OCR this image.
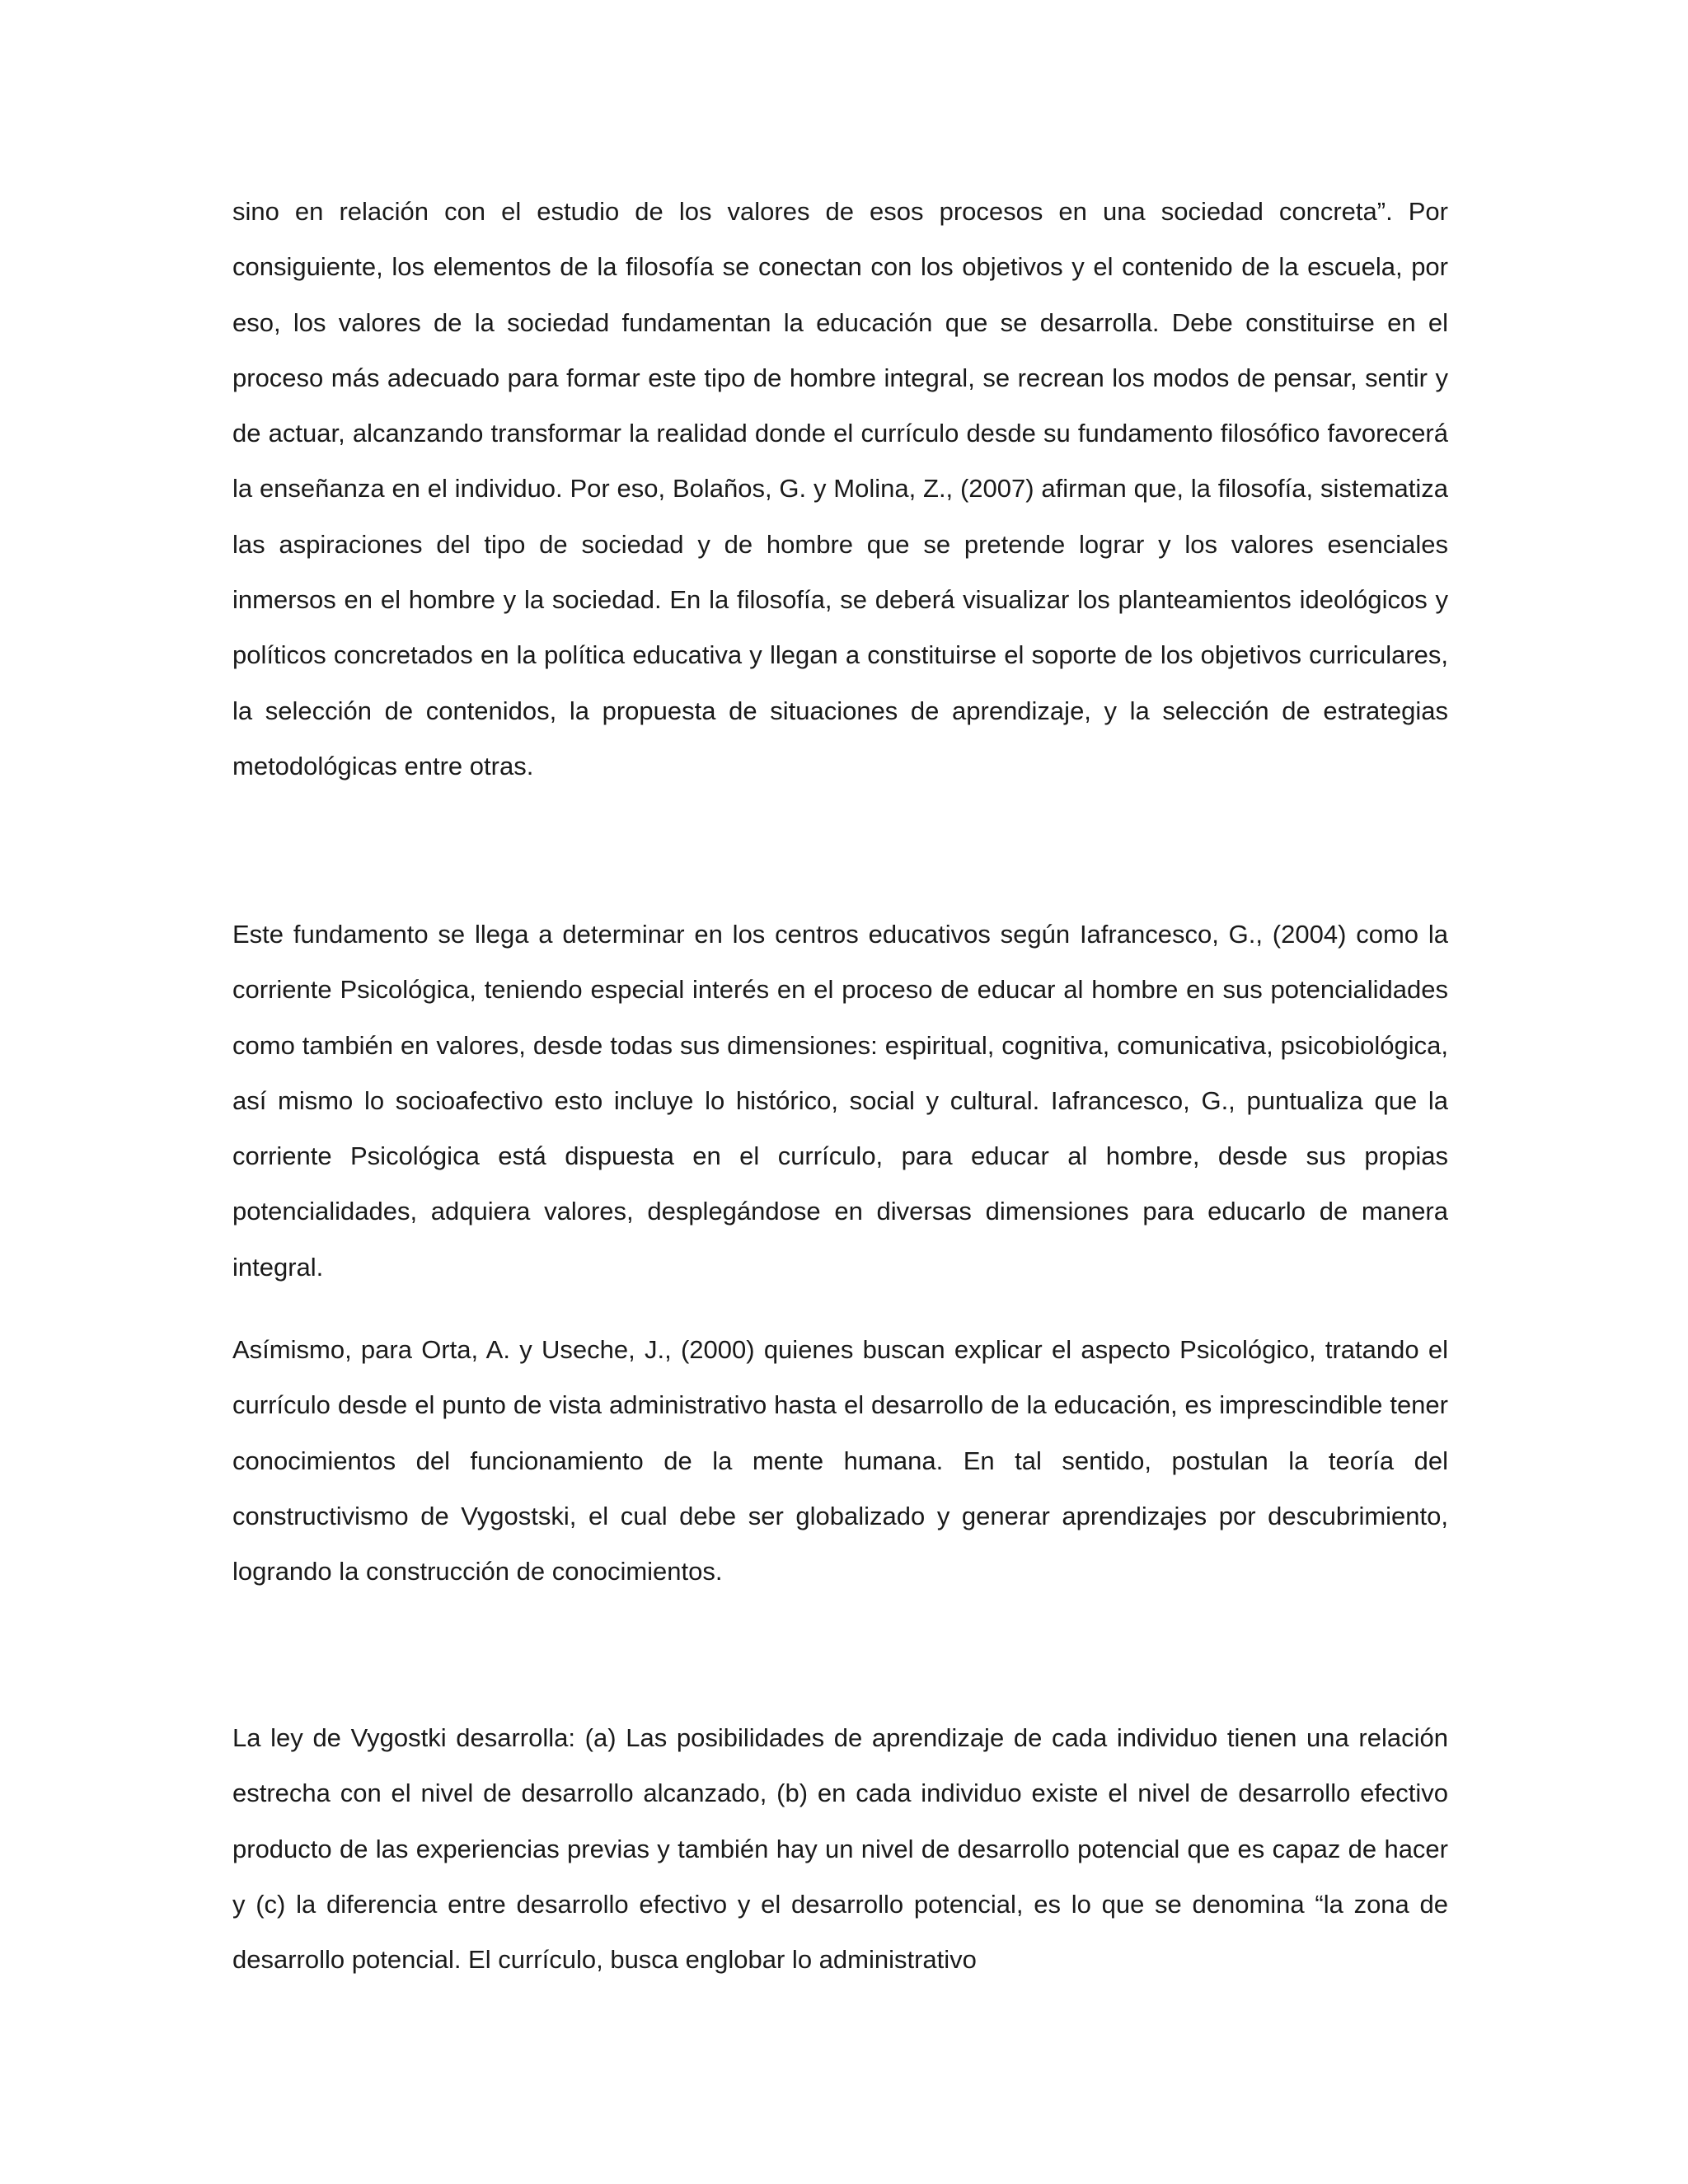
sino en relación con el estudio de los valores de esos procesos en una sociedad concreta”. Por consiguiente, los elementos de la filosofía se conectan con los objetivos y el contenido de la escuela, por eso, los valores de la sociedad fundamentan la educación que se desarrolla. Debe constituirse en el proceso más adecuado para formar este tipo de hombre integral, se recrean los modos de pensar, sentir y de actuar, alcanzando transformar la realidad donde el currículo desde su fundamento filosófico favorecerá la enseñanza en el individuo. Por eso, Bolaños, G. y Molina, Z., (2007) afirman que, la filosofía, sistematiza las aspiraciones del tipo de sociedad y de hombre que se pretende lograr y los valores esenciales inmersos en el hombre y la sociedad. En la filosofía, se deberá visualizar los planteamientos ideológicos y políticos concretados en la política educativa y llegan a constituirse el soporte de los objetivos curriculares, la selección de contenidos, la propuesta de situaciones de aprendizaje, y la selección de estrategias metodológicas entre otras.

Este fundamento se llega a determinar en los centros educativos según Iafrancesco, G., (2004) como la corriente Psicológica, teniendo especial interés en el proceso de educar al hombre en sus potencialidades como también en valores, desde todas sus dimensiones: espiritual, cognitiva, comunicativa, psicobiológica, así mismo lo socioafectivo esto incluye lo histórico, social y cultural. Iafrancesco, G., puntualiza que la corriente Psicológica está dispuesta en el currículo, para educar al hombre, desde sus propias potencialidades, adquiera valores, desplegándose en diversas dimensiones para educarlo de manera integral.

Asímismo, para Orta, A. y Useche, J., (2000) quienes buscan explicar el aspecto Psicológico, tratando el currículo desde el punto de vista administrativo hasta el desarrollo de la educación, es imprescindible tener conocimientos del funcionamiento de la mente humana. En tal sentido, postulan la teoría del constructivismo de Vygostski, el cual debe ser globalizado y generar aprendizajes por descubrimiento, logrando la construcción de conocimientos.

La ley de Vygostki desarrolla: (a) Las posibilidades de aprendizaje de cada individuo tienen una relación estrecha con el nivel de desarrollo alcanzado, (b) en cada individuo existe el nivel de desarrollo efectivo producto de las experiencias previas y también hay un nivel de desarrollo potencial que es capaz de hacer y (c) la diferencia entre desarrollo efectivo y el desarrollo potencial, es lo que se denomina “la zona de desarrollo potencial. El currículo, busca englobar lo administrativo
